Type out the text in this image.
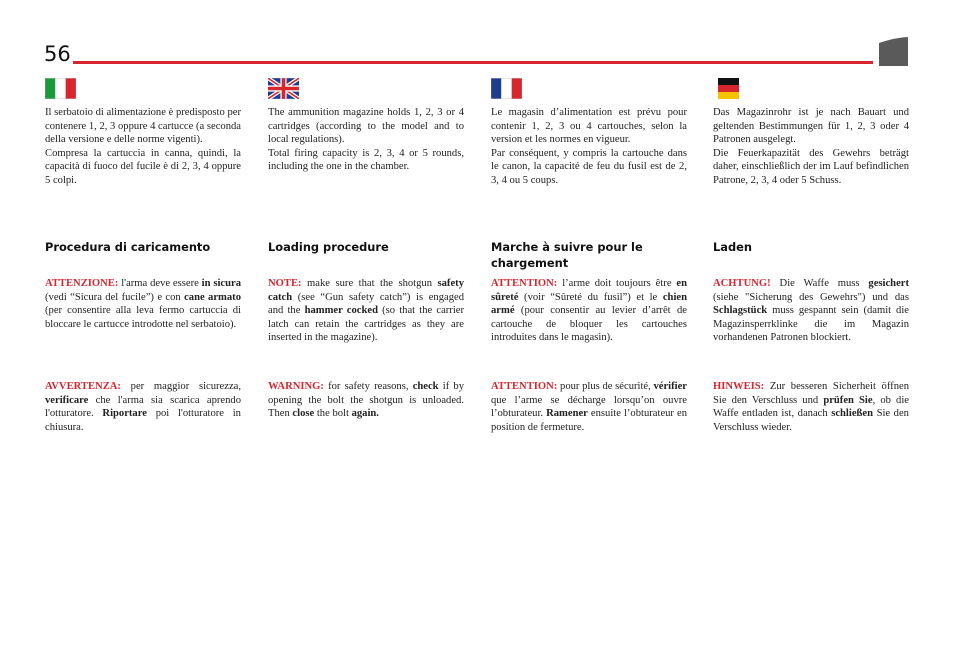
56

Il serbatoio di alimentazione è predisposto per contenere 1, 2, 3 oppure 4 cartucce (a seconda della versione e delle norme vigenti).

Compresa la cartuccia in canna, quindi, la capacità di fuoco del fucile è di 2, 3, 4 oppure 5 colpi.

Procedura di caricamento

ATTENZIONE: l'arma deve essere in sicura (vedi “Sicura del fucile”) e con cane armato (per consentire alla leva fermo cartuccia di bloccare le cartucce introdotte nel serbatoio).

AVVERTENZA: per maggior sicurezza, verificare che l'arma sia scarica aprendo l'otturatore. Riportare poi l'otturatore in chiusura.

The ammunition magazine holds 1, 2, 3 or 4 cartridges (according to the model and to local regulations).

Total firing capacity is 2, 3, 4 or 5 rounds, including the one in the chamber.

Loading procedure

NOTE: make sure that the shotgun safety catch (see “Gun safety catch”) is engaged and the hammer cocked (so that the carrier latch can retain the cartridges as they are inserted in the magazine).

WARNING: for safety reasons, check if by opening the bolt the shotgun is unloaded. Then close the bolt again.

Le magasin d’alimentation est prévu pour contenir 1, 2, 3 ou 4 cartouches, selon la version et les normes en vigueur.

Par conséquent, y compris la cartouche dans le canon, la capacité de feu du fusil est de 2, 3, 4 ou 5 coups.

Marche à suivre pour le chargement

ATTENTION: l’arme doit toujours être en sûreté (voir “Sûreté du fusil”) et le chien armé (pour consentir au levier d’arrêt de cartouche de bloquer les cartouches introduites dans le magasin).

ATTENTION: pour plus de sécurité, vérifier que l’arme se décharge lorsqu’on ouvre l’obturateur. Ramener ensuite l’obturateur en position de fermeture.

Das Magazinrohr ist je nach Bauart und geltenden Bestimmungen für 1, 2, 3 oder 4 Patronen ausgelegt.

Die Feuerkapazität des Gewehrs beträgt daher, einschließlich der im Lauf befindlichen Patrone, 2, 3, 4 oder 5 Schuss.

Laden

ACHTUNG! Die Waffe muss gesichert (siehe "Sicherung des Gewehrs") und das Schlagstück muss gespannt sein (damit die Magazinsperrklinke die im Magazin vorhandenen Patronen blockiert.

HINWEIS: Zur besseren Sicherheit öffnen Sie den Verschluss und prüfen Sie, ob die Waffe entladen ist, danach schließen Sie den Verschluss wieder.
